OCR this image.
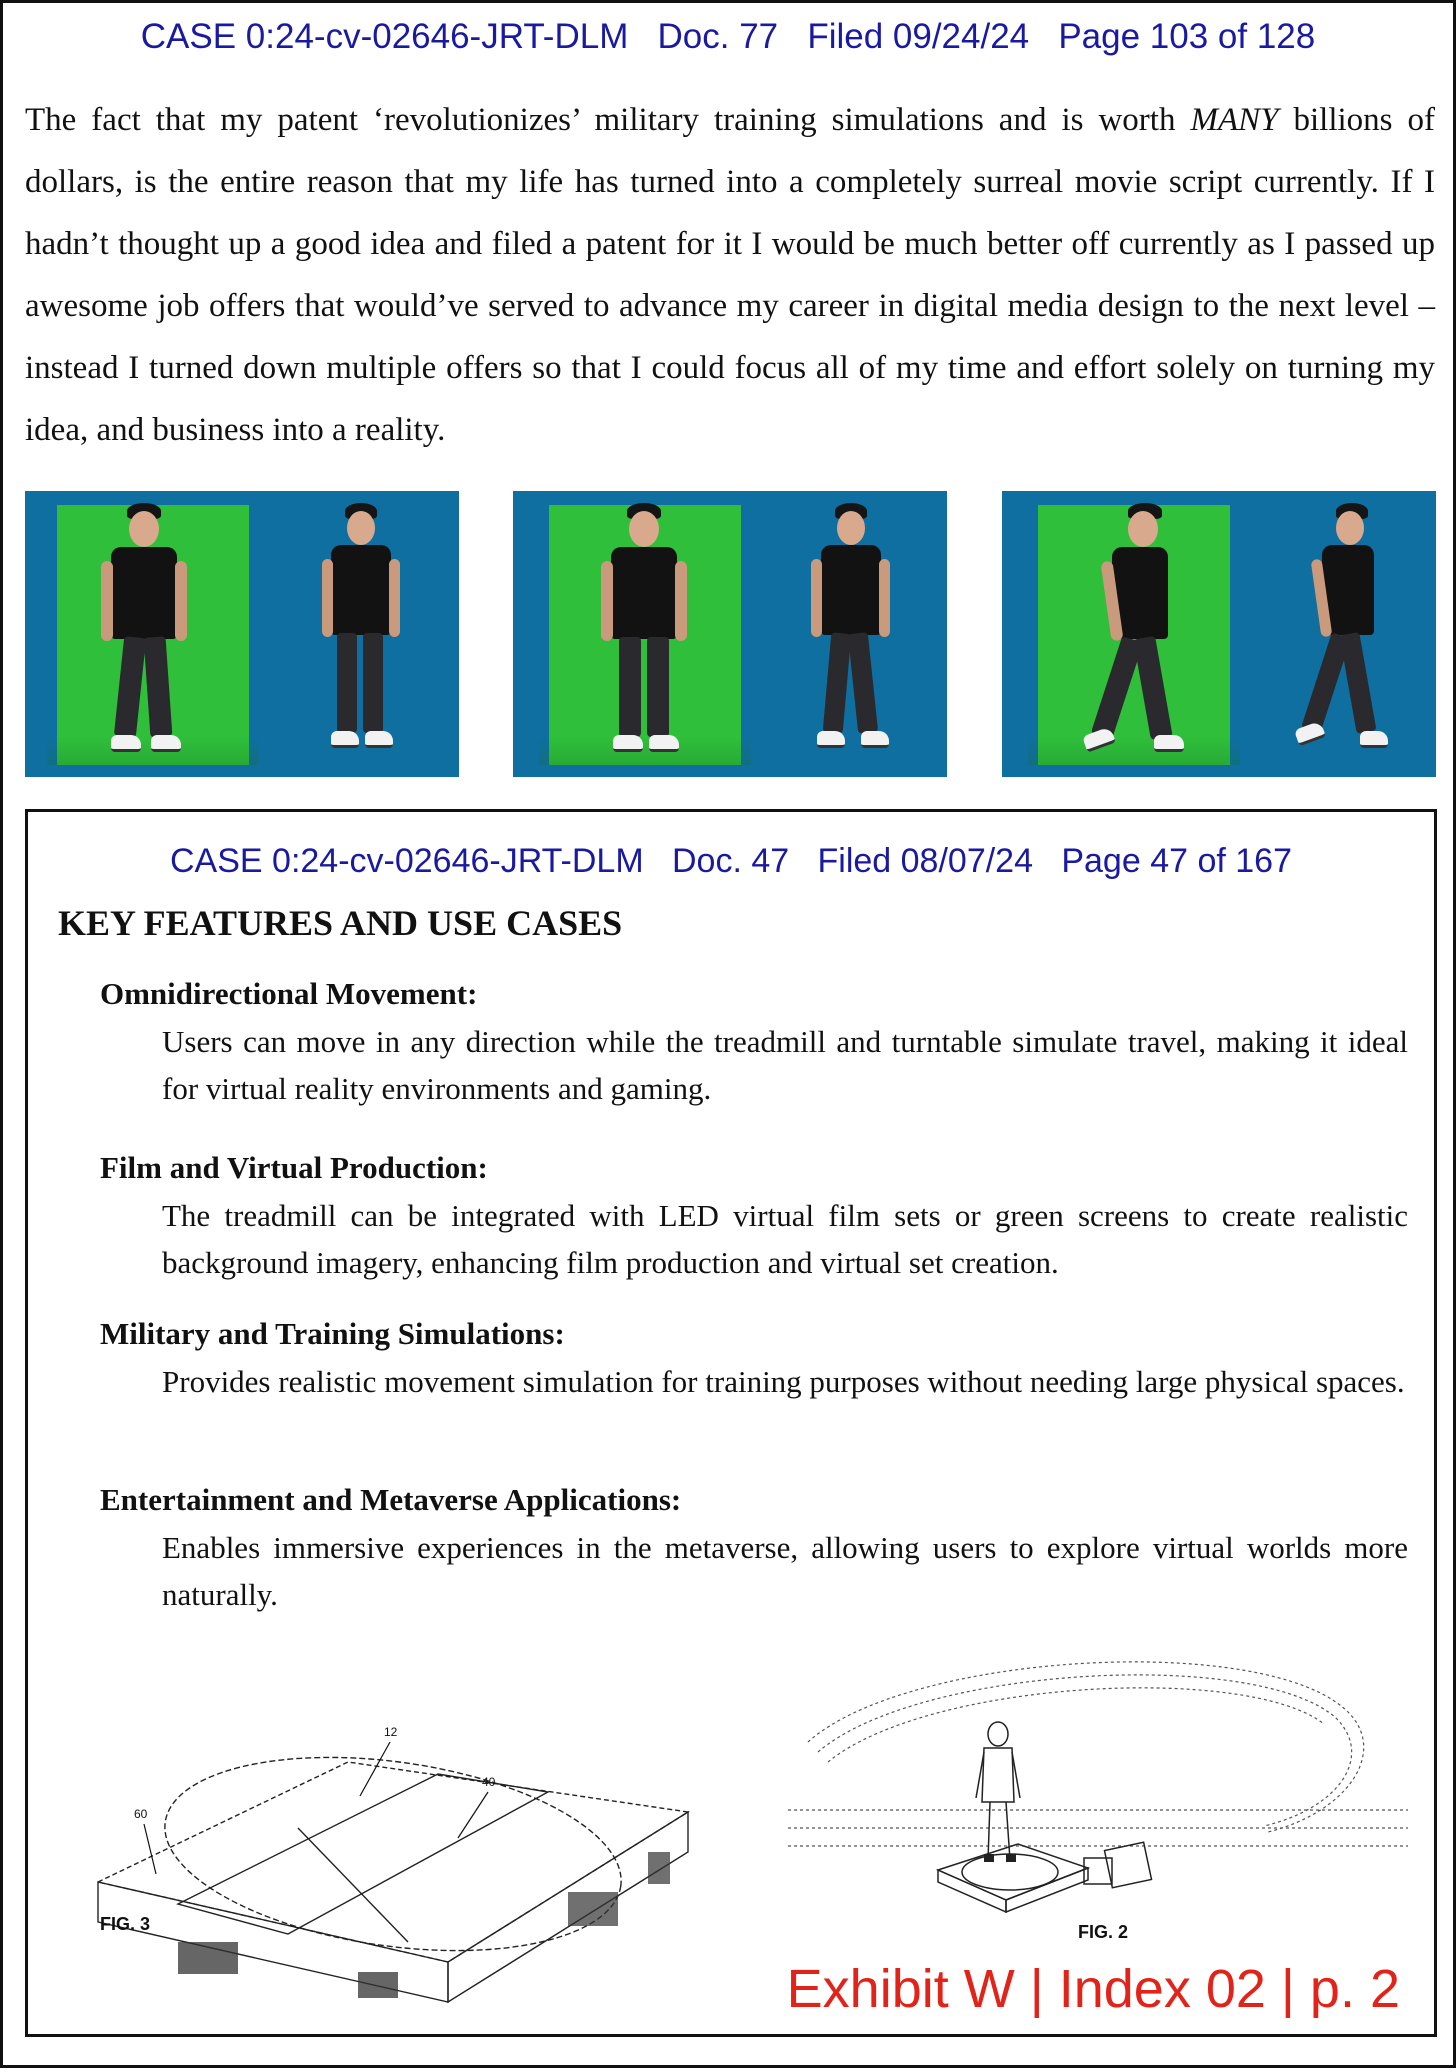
CASE 0:24-cv-02646-JRT-DLM   Doc. 77   Filed 09/24/24   Page 103 of 128

The fact that my patent ‘revolutionizes’ military training simulations and is worth MANY billions of dollars, is the entire reason that my life has turned into a completely surreal movie script currently. If I hadn’t thought up a good idea and filed a patent for it I would be much better off currently as I passed up awesome job offers that would’ve served to advance my career in digital media design to the next level – instead I turned down multiple offers so that I could focus all of my time and effort solely on turning my idea, and business into a reality.

CASE 0:24-cv-02646-JRT-DLM   Doc. 47   Filed 08/07/24   Page 47 of 167
KEY FEATURES AND USE CASES
Omnidirectional Movement:

Users can move in any direction while the treadmill and turntable simulate travel, making it ideal for virtual reality environments and gaming.

Film and Virtual Production:

The treadmill can be integrated with LED virtual film sets or green screens to create realistic background imagery, enhancing film production and virtual set creation.

Military and Training Simulations:

Provides realistic movement simulation for training purposes without needing large physical spaces.

Entertainment and Metaverse Applications:

Enables immersive experiences in the metaverse, allowing users to explore virtual worlds more naturally.

60
12
40
FIG. 3	FIG. 2
Exhibit W | Index 02 | p. 2
